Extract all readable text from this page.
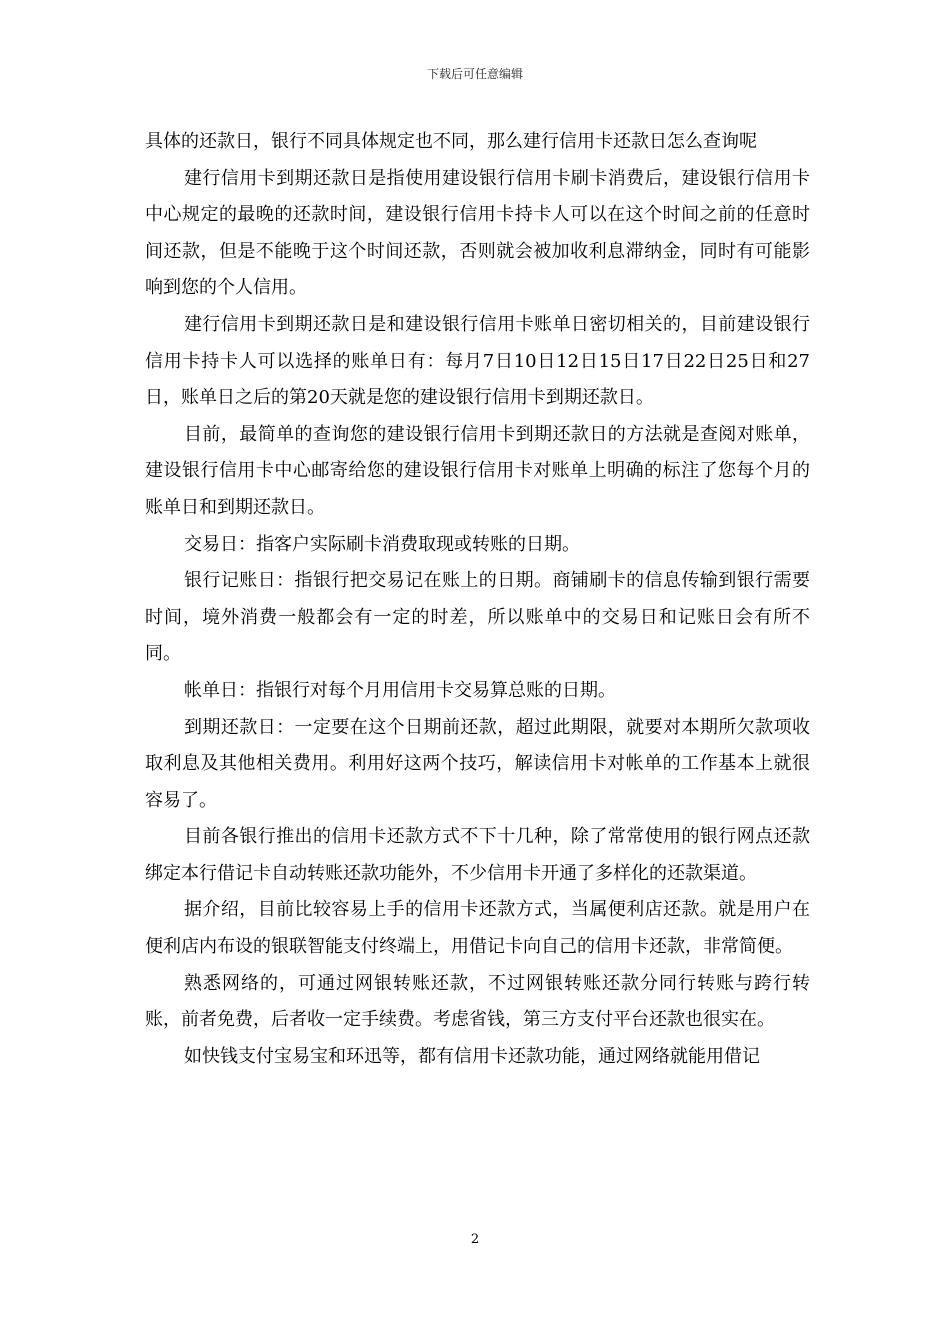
下载后可任意编辑

具体的还款日，银行不同具体规定也不同，那么建行信用卡还款日怎么查询呢

建行信用卡到期还款日是指使用建设银行信用卡刷卡消费后，建设银行信用卡中心规定的最晚的还款时间，建设银行信用卡持卡人可以在这个时间之前的任意时间还款，但是不能晚于这个时间还款，否则就会被加收利息滞纳金，同时有可能影响到您的个人信用。

建行信用卡到期还款日是和建设银行信用卡账单日密切相关的，目前建设银行信用卡持卡人可以选择的账单日有：每月7日10日12日15日17日22日25日和27日，账单日之后的第20天就是您的建设银行信用卡到期还款日。

目前，最简单的查询您的建设银行信用卡到期还款日的方法就是查阅对账单，建设银行信用卡中心邮寄给您的建设银行信用卡对账单上明确的标注了您每个月的账单日和到期还款日。

交易日：指客户实际刷卡消费取现或转账的日期。

银行记账日：指银行把交易记在账上的日期。商铺刷卡的信息传输到银行需要时间，境外消费一般都会有一定的时差，所以账单中的交易日和记账日会有所不同。

帐单日：指银行对每个月用信用卡交易算总账的日期。

到期还款日：一定要在这个日期前还款，超过此期限，就要对本期所欠款项收取利息及其他相关费用。利用好这两个技巧，解读信用卡对帐单的工作基本上就很容易了。

目前各银行推出的信用卡还款方式不下十几种，除了常常使用的银行网点还款绑定本行借记卡自动转账还款功能外，不少信用卡开通了多样化的还款渠道。

据介绍，目前比较容易上手的信用卡还款方式，当属便利店还款。就是用户在便利店内布设的银联智能支付终端上，用借记卡向自己的信用卡还款，非常简便。

熟悉网络的，可通过网银转账还款，不过网银转账还款分同行转账与跨行转账，前者免费，后者收一定手续费。考虑省钱，第三方支付平台还款也很实在。

如快钱支付宝易宝和环迅等，都有信用卡还款功能，通过网络就能用借记

2
